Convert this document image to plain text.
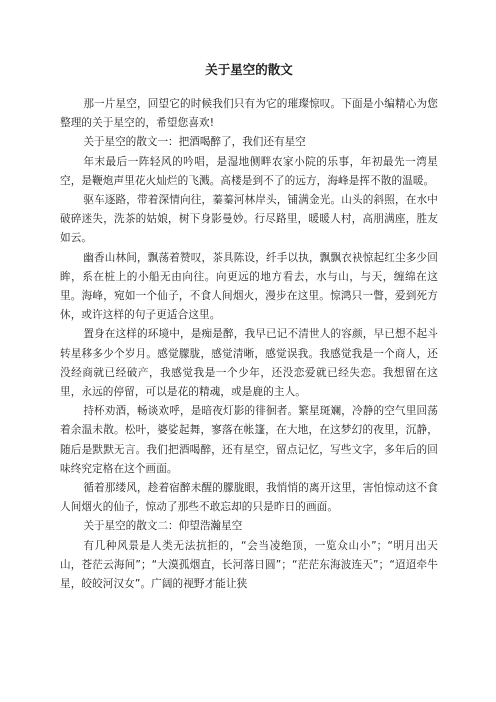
关于星空的散文

那一片星空，回望它的时候我们只有为它的璀璨惊叹。下面是小编精心为您整理的关于星空的，希望您喜欢!

关于星空的散文一：把酒喝醉了，我们还有星空

年末最后一阵轻风的吟唱，是湿地侧畔农家小院的乐事，年初最先一湾星空，是鞭炮声里花火灿烂的飞溅。高楼是到不了的远方，海峰是挥不散的温暖。

驱车逐路，带着深情向往，蓁蓁河林岸头，铺满金光。山头的斜照，在水中破碎迷失，洗茶的姑娘，树下身影曼妙。行尽路里，暖暖人村，高朋满座，胜友如云。

幽香山林间，飘荡着赞叹，茶具陈设，纤手以执，飘飘衣袂惊起红尘多少回眸，系在桩上的小船无由向往。向更远的地方看去，水与山，与天，缠绵在这里。海峰，宛如一个仙子，不食人间烟火，漫步在这里。惊鸿只一瞥，爱到死方休，或许这样的句子更适合这里。

置身在这样的环境中，是痴是醉，我早已记不清世人的容颜，早已想不起斗转星移多少个岁月。感觉朦胧，感觉清晰，感觉误我。我感觉我是一个商人，还没经商就已经破产，我感觉我是一个少年，还没恋爱就已经失恋。我想留在这里，永远的停留，可以是花的精魂，或是鹿的主人。

持杯劝酒，畅谈欢呼，是暗夜灯影的徘徊者。繁星斑斓，冷静的空气里回荡着余温未散。松叶，婆娑起舞，寥落在帐篷，在大地，在这梦幻的夜里，沉静，随后是默默无言。我们把酒喝醉，还有星空，留点记忆，写些文字，多年后的回味终究定格在这个画面。

循着那缕风，趁着宿醉未醒的朦胧眼，我悄悄的离开这里，害怕惊动这不食人间烟火的仙子，惊动了那些不敢忘却的只是昨日的画面。

关于星空的散文二：仰望浩瀚星空

有几种风景是人类无法抗拒的，“会当凌绝顶，一览众山小”；“明月出天山，苍茫云海间”；“大漠孤烟直，长河落日圆”；“茫茫东海波连天”；“迢迢牵牛星，皎皎河汉女”。广阔的视野才能让狭
